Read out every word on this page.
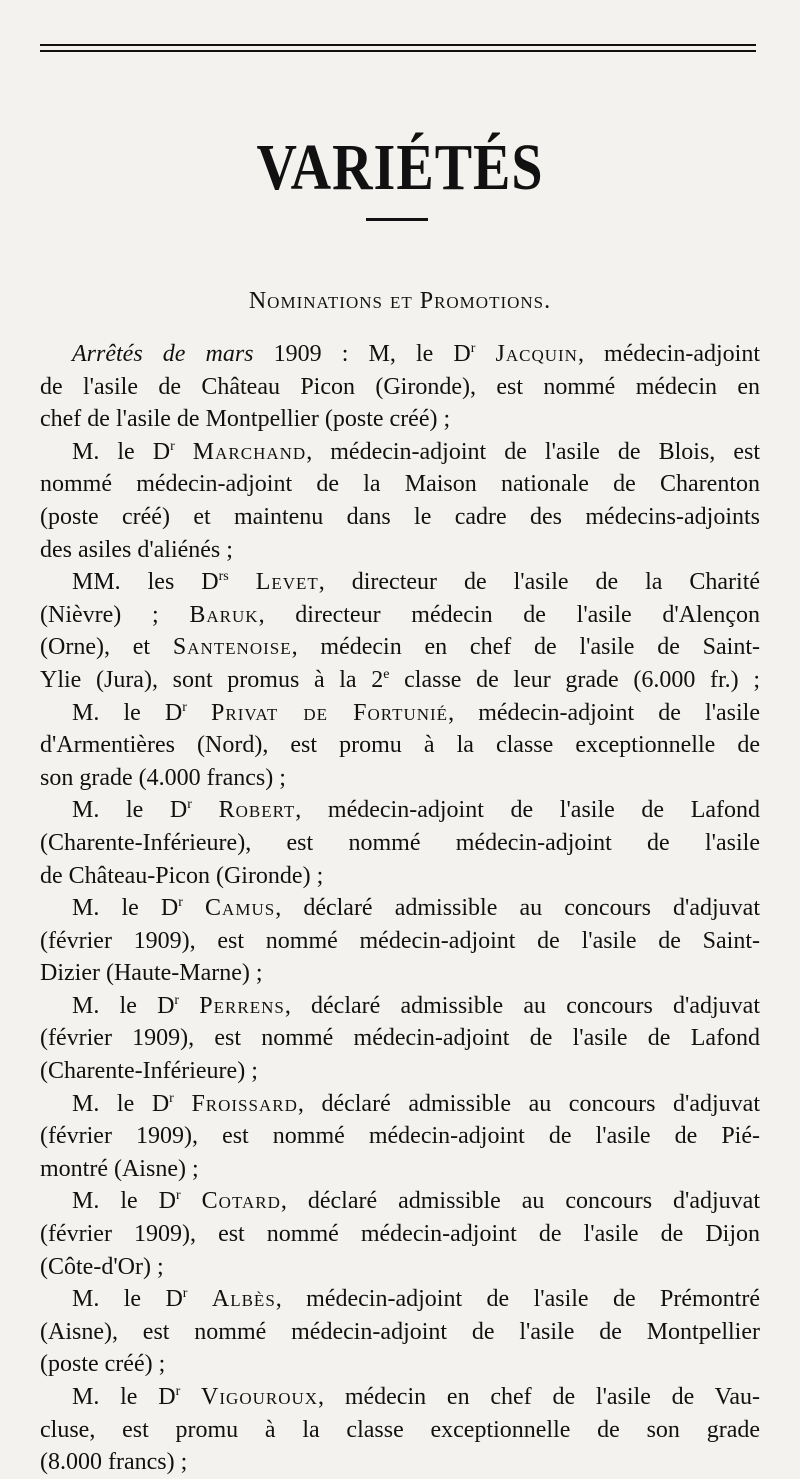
VARIÉTÉS
Nominations et Promotions.
Arrêtés de mars 1909 : M, le $D^r$ Jacquin, médecin-adjoint
de l'asile de Château Picon (Gironde), est nommé médecin en
chef de l'asile de Montpellier (poste créé) ;
M. le $D^r$ Marchand, médecin-adjoint de l'asile de Blois, est
nommé médecin-adjoint de la Maison nationale de Charenton
(poste créé) et maintenu dans le cadre des médecins-adjoints
des asiles d'aliénés ;
MM. les $D^{rs}$ Levet, directeur de l'asile de la Charité
(Nièvre) ; Baruk, directeur médecin de l'asile d'Alençon
(Orne), et Santenoise, médecin en chef de l'asile de Saint-
Ylie (Jura), sont promus à la 2e classe de leur grade (6.000 fr.) ;
M. le $D^r$ Privat de Fortunié, médecin-adjoint de l'asile
d'Armentières (Nord), est promu à la classe exceptionnelle de
son grade (4.000 francs) ;
M. le $D^r$ Robert, médecin-adjoint de l'asile de Lafond
(Charente-Inférieure), est nommé médecin-adjoint de l'asile
de Château-Picon (Gironde) ;
M. le $D^r$ Camus, déclaré admissible au concours d'adjuvat
(février 1909), est nommé médecin-adjoint de l'asile de Saint-
Dizier (Haute-Marne) ;
M. le $D^r$ Perrens, déclaré admissible au concours d'adjuvat
(février 1909), est nommé médecin-adjoint de l'asile de Lafond
(Charente-Inférieure) ;
M. le $D^r$ Froissard, déclaré admissible au concours d'adjuvat
(février 1909), est nommé médecin-adjoint de l'asile de Pié-
montré (Aisne) ;
M. le $D^r$ Cotard, déclaré admissible au concours d'adjuvat
(février 1909), est nommé médecin-adjoint de l'asile de Dijon
(Côte-d'Or) ;
M. le $D^r$ Albès, médecin-adjoint de l'asile de Prémontré
(Aisne), est nommé médecin-adjoint de l'asile de Montpellier
(poste créé) ;
M. le $D^r$ Vigouroux, médecin en chef de l'asile de Vau-
cluse, est promu à la classe exceptionnelle de son grade
(8.000 francs) ;
